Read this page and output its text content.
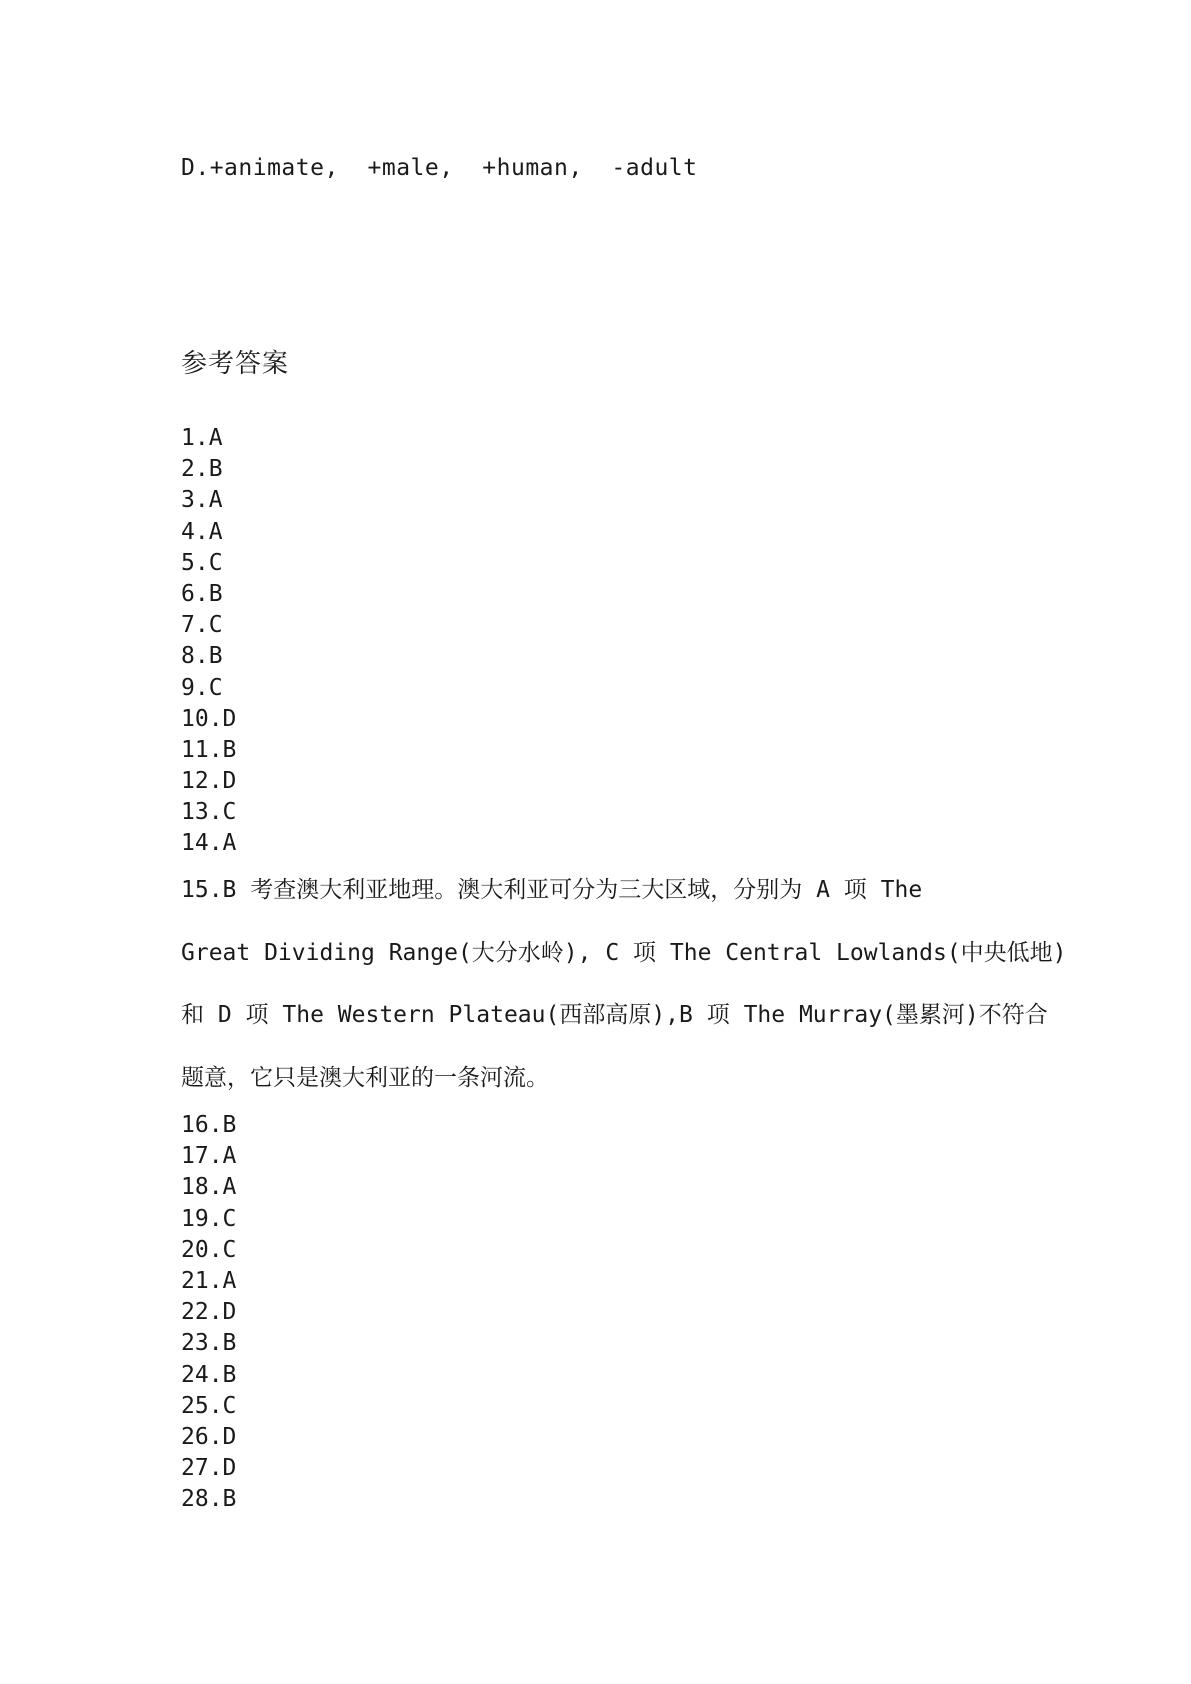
D.+animate,  +male,  +human,  -adult
参考答案
1.A
2.B
3.A
4.A
5.C
6.B
7.C
8.B
9.C
10.D
11.B
12.D
13.C
14.A
15.B 考查澳大利亚地理。澳大利亚可分为三大区域，分别为 A 项 The
Great Dividing Range(大分水岭), C 项 The Central Lowlands(中央低地)
和 D 项 The Western Plateau(西部高原),B 项 The Murray(墨累河)不符合
题意，它只是澳大利亚的一条河流。
16.B
17.A
18.A
19.C
20.C
21.A
22.D
23.B
24.B
25.C
26.D
27.D
28.B
